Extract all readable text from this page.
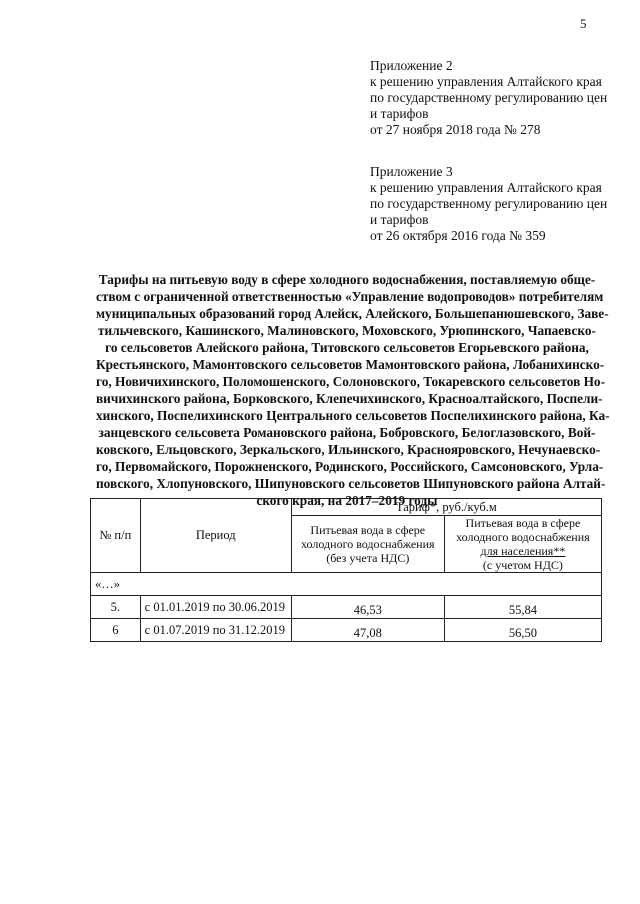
5
Приложение 2
к решению управления Алтайского края
по государственному регулированию цен
и тарифов
от 27 ноября 2018 года № 278
Приложение 3
к решению управления Алтайского края
по государственному регулированию цен
и тарифов
от 26 октября 2016 года № 359
Тарифы на питьевую воду в сфере холодного водоснабжения, поставляемую обще-
ством с ограниченной ответственностью «Управление водопроводов» потребителям
муниципальных образований город Алейск, Алейского, Большепанюшевского, Заве-
тильчевского, Кашинского, Малиновского, Моховского, Урюпинского, Чапаевско-
го сельсоветов Алейского района, Титовского сельсоветов Егорьевского района,
Крестьянского, Мамонтовского сельсоветов Мамонтовского района, Лобанихинско-
го, Новичихинского, Поломошенского, Солоновского, Токаревского сельсоветов Но-
вичихинского района, Борковского, Клепечихинского, Красноалтайского, Поспели-
хинского, Поспелихинского Центрального сельсоветов Поспелихинского района, Ка-
занцевского сельсовета Романовского района, Бобровского, Белоглазовского, Вой-
ковского, Ельцовского, Зеркальского, Ильинского, Краснояровского, Нечунаевско-
го, Первомайского, Порожненского, Родинского, Российского, Самсоновского, Урла-
повского, Хлопуновского, Шипуновского сельсоветов Шипуновского района Алтай-
ского края, на 2017–2019 годы
№ п/п	Период	Тариф*, руб./куб.м	

		Питьевая вода в сфере
холодного водоснабжения
(без учета НДС)	Питьевая вода в сфере
холодного водоснабжения
для населения**
(с учетом НДС)

«…»			
5.	с 01.01.2019 по 30.06.2019	46,53	55,84
6	с 01.07.2019 по 31.12.2019	47,08	56,50
